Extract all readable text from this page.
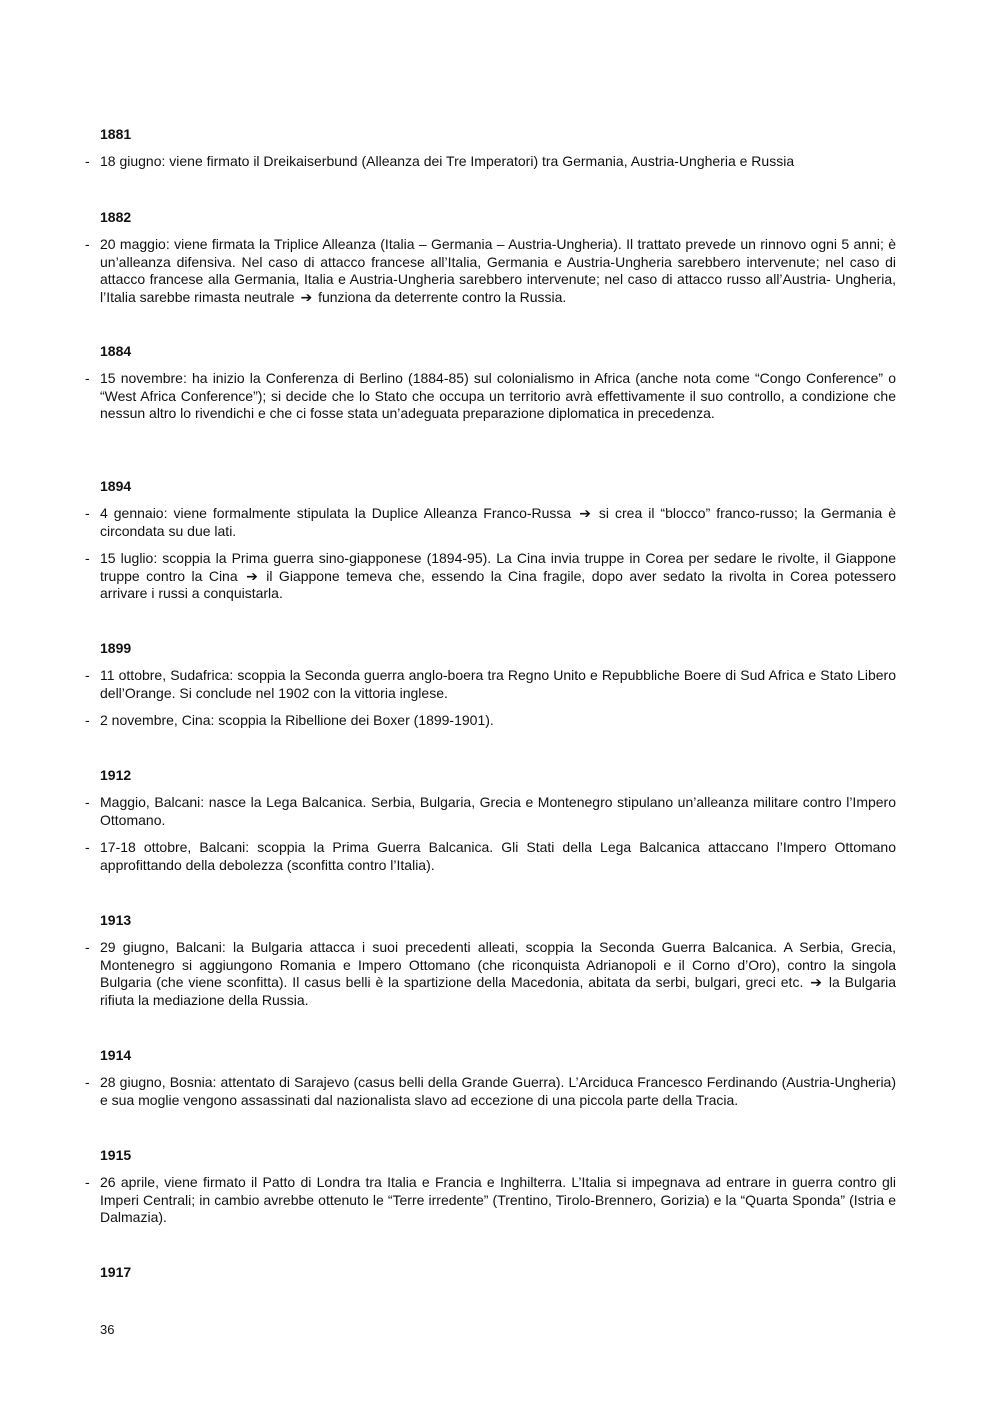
1881
- 18 giugno: viene firmato il Dreikaiserbund (Alleanza dei Tre Imperatori) tra Germania, Austria-Ungheria e Russia
1882
- 20 maggio: viene firmata la Triplice Alleanza (Italia – Germania – Austria-Ungheria). Il trattato prevede un rinnovo ogni 5 anni; è un’alleanza difensiva. Nel caso di attacco francese all’Italia, Germania e Austria-Ungheria sarebbero intervenute; nel caso di attacco francese alla Germania, Italia e Austria-Ungheria sarebbero intervenute; nel caso di attacco russo all’Austria- Ungheria, l’Italia sarebbe rimasta neutrale ➔ funziona da deterrente contro la Russia.
1884
- 15 novembre: ha inizio la Conferenza di Berlino (1884-85) sul colonialismo in Africa (anche nota come “Congo Conference” o “West Africa Conference”); si decide che lo Stato che occupa un territorio avrà effettivamente il suo controllo, a condizione che nessun altro lo rivendichi e che ci fosse stata un’adeguata preparazione diplomatica in precedenza.
1894
- 4 gennaio: viene formalmente stipulata la Duplice Alleanza Franco-Russa ➔ si crea il “blocco” franco-russo; la Germania è circondata su due lati.
- 15 luglio: scoppia la Prima guerra sino-giapponese (1894-95). La Cina invia truppe in Corea per sedare le rivolte, il Giappone truppe contro la Cina ➔ il Giappone temeva che, essendo la Cina fragile, dopo aver sedato la rivolta in Corea potessero arrivare i russi a conquistarla.
1899
- 11 ottobre, Sudafrica: scoppia la Seconda guerra anglo-boera tra Regno Unito e Repubbliche Boere di Sud Africa e Stato Libero dell’Orange. Si conclude nel 1902 con la vittoria inglese.
- 2 novembre, Cina: scoppia la Ribellione dei Boxer (1899-1901).
1912
- Maggio, Balcani: nasce la Lega Balcanica. Serbia, Bulgaria, Grecia e Montenegro stipulano un’alleanza militare contro l’Impero Ottomano.
- 17-18 ottobre, Balcani: scoppia la Prima Guerra Balcanica. Gli Stati della Lega Balcanica attaccano l’Impero Ottomano approfittando della debolezza (sconfitta contro l’Italia).
1913
- 29 giugno, Balcani: la Bulgaria attacca i suoi precedenti alleati, scoppia la Seconda Guerra Balcanica. A Serbia, Grecia, Montenegro si aggiungono Romania e Impero Ottomano (che riconquista Adrianopoli e il Corno d’Oro), contro la singola Bulgaria (che viene sconfitta). Il casus belli è la spartizione della Macedonia, abitata da serbi, bulgari, greci etc. ➔ la Bulgaria rifiuta la mediazione della Russia.
1914
- 28 giugno, Bosnia: attentato di Sarajevo (casus belli della Grande Guerra). L’Arciduca Francesco Ferdinando (Austria-Ungheria) e sua moglie vengono assassinati dal nazionalista slavo ad eccezione di una piccola parte della Tracia.
1915
- 26 aprile, viene firmato il Patto di Londra tra Italia e Francia e Inghilterra. L’Italia si impegnava ad entrare in guerra contro gli Imperi Centrali; in cambio avrebbe ottenuto le “Terre irredente” (Trentino, Tirolo-Brennero, Gorizia) e la “Quarta Sponda” (Istria e Dalmazia).
1917
36
